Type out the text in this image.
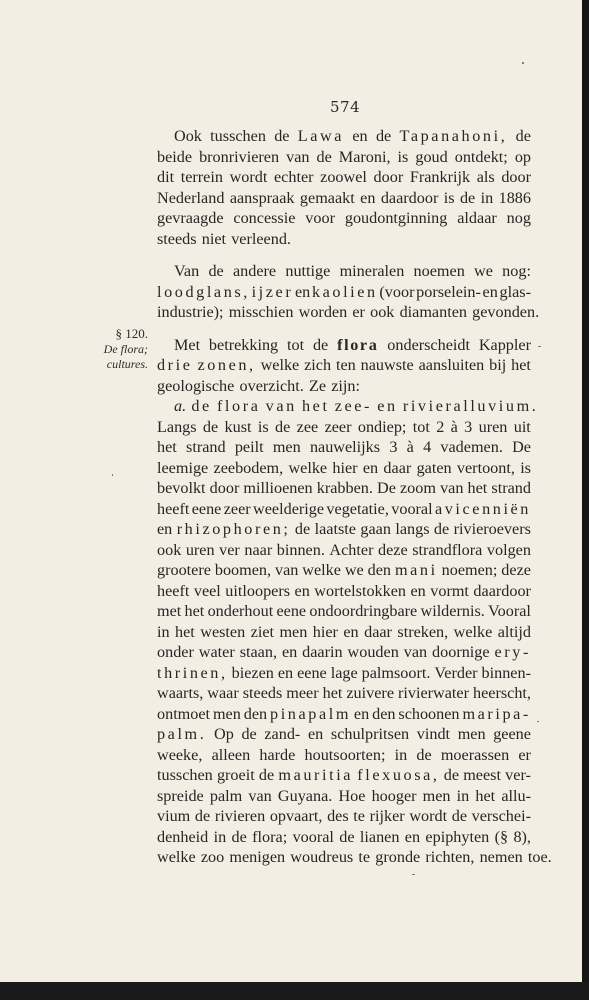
574
§ 120.
De flora;
cultures.
Ook tusschen de Lawa en de Tapanahoni, de
beide bronrivieren van de Maroni, is goud ontdekt; op
dit terrein wordt echter zoowel door Frankrijk als door
Nederland aanspraak gemaakt en daardoor is de in 1886
gevraagde concessie voor goudontginning aldaar nog
steeds niet verleend.
Van de andere nuttige mineralen noemen we nog:
loodglans, ijzer en kaolien (voor porselein- en glas-
industrie); misschien worden er ook diamanten gevonden.
Met betrekking tot de flora onderscheidt Kappler
drie zonen, welke zich ten nauwste aansluiten bij het
geologische overzicht. Ze zijn:
a. de flora van het zee- en rivieralluvium.
Langs de kust is de zee zeer ondiep; tot 2 à 3 uren uit
het strand peilt men nauwelijks 3 à 4 vademen. De
leemige zeebodem, welke hier en daar gaten vertoont, is
bevolkt door millioenen krabben. De zoom van het strand
heeft eene zeer weelderige vegetatie, vooral avicenniën
en rhizophoren; de laatste gaan langs de rivieroevers
ook uren ver naar binnen. Achter deze strandflora volgen
grootere boomen, van welke we den mani noemen; deze
heeft veel uitloopers en wortelstokken en vormt daardoor
met het onderhout eene ondoordringbare wildernis. Vooral
in het westen ziet men hier en daar streken, welke altijd
onder water staan, en daarin wouden van doornige ery-
thrinen, biezen en eene lage palmsoort. Verder binnen-
waarts, waar steeds meer het zuivere rivierwater heerscht,
ontmoet men den pinapalm en den schoonen maripa-
palm. Op de zand- en schulpritsen vindt men geene
weeke, alleen harde houtsoorten; in de moerassen er
tusschen groeit de mauritia flexuosa, de meest ver-
spreide palm van Guyana. Hoe hooger men in het allu-
vium de rivieren opvaart, des te rijker wordt de verschei-
denheid in de flora; vooral de lianen en epiphyten (§ 8),
welke zoo menigen woudreus te gronde richten, nemen toe.
